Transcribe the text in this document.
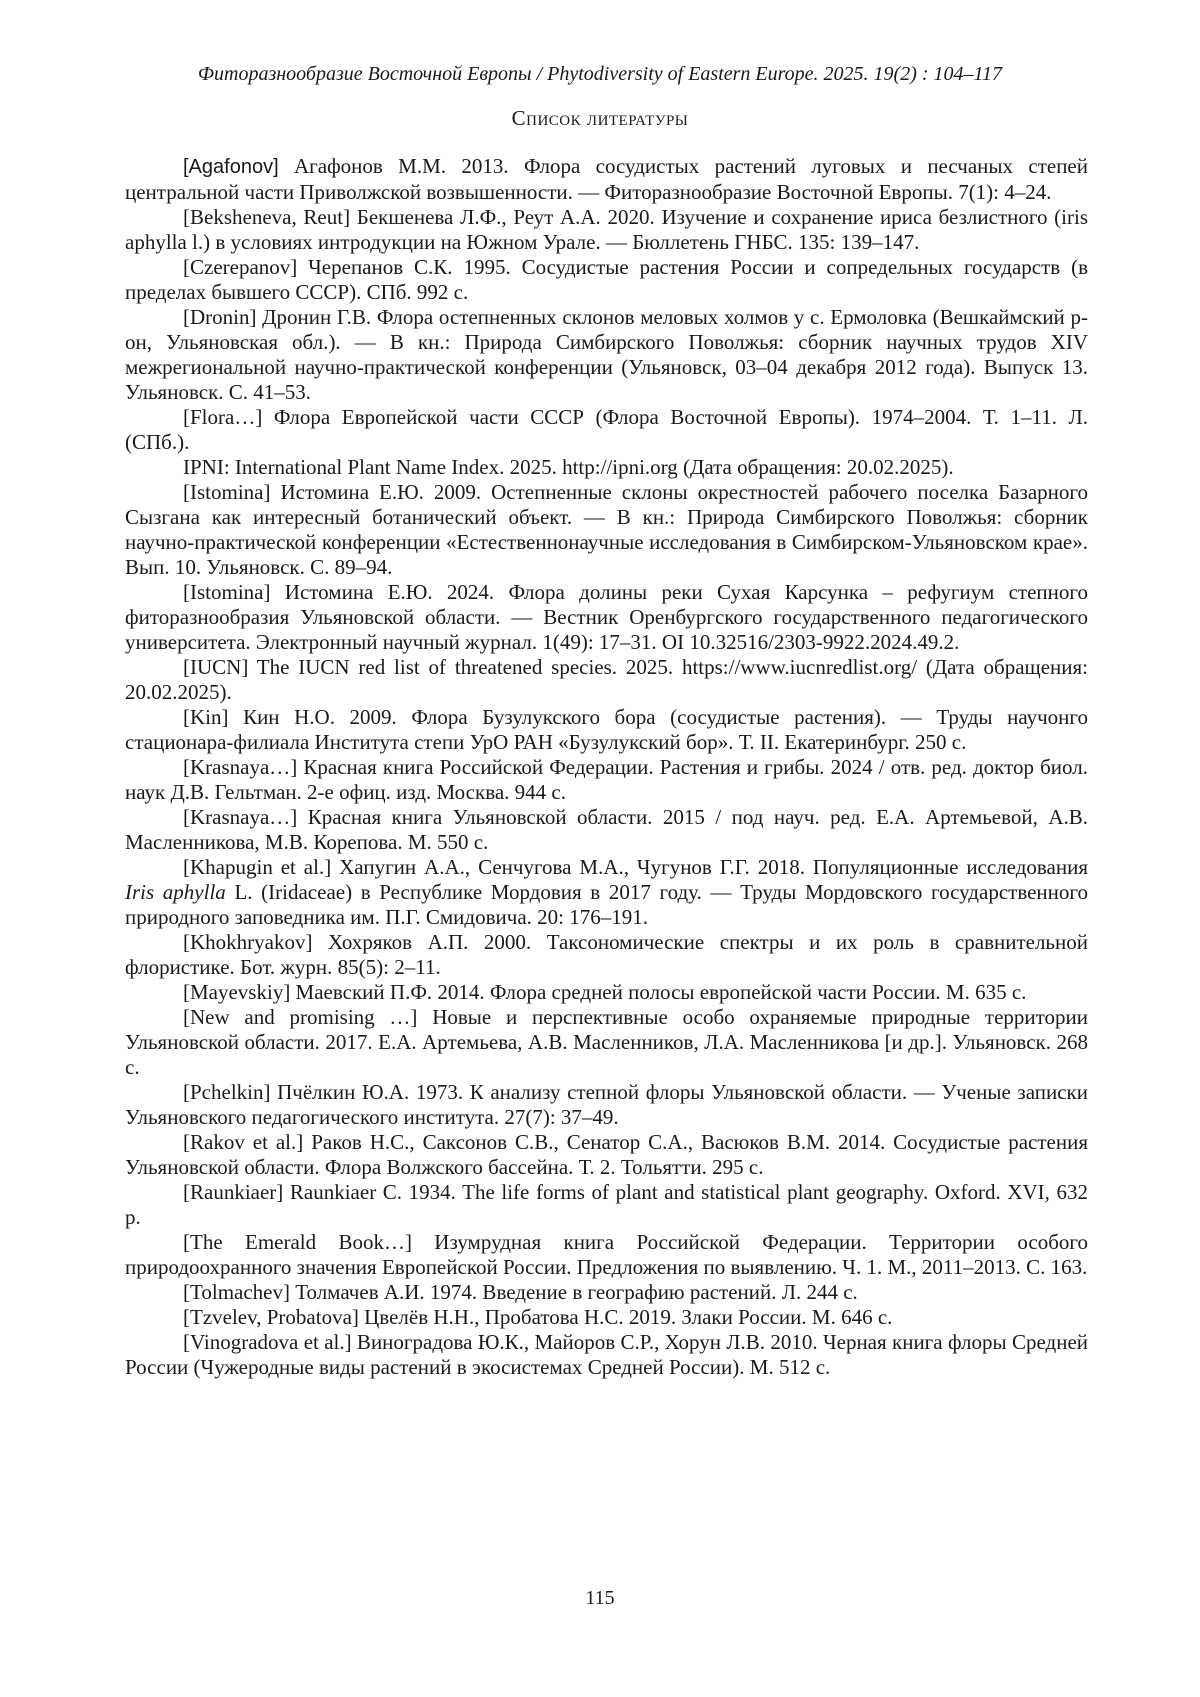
Фиторазнообразие Восточной Европы / Phytodiversity of Eastern Europe. 2025. 19(2) : 104–117
Список литературы

[Agafonov] Агафонов М.М. 2013. Флора сосудистых растений луговых и песчаных степей центральной части Приволжской возвышенности. — Фиторазнообразие Восточной Европы. 7(1): 4–24.

[Beksheneva, Reut] Бекшенева Л.Ф., Реут А.А. 2020. Изучение и сохранение ириса безлистного (iris aphylla l.) в условиях интродукции на Южном Урале. — Бюллетень ГНБС. 135: 139–147.

[Czerepanov] Черепанов С.К. 1995. Сосудистые растения России и сопредельных государств (в пределах бывшего СССР). СПб. 992 с.

[Dronin] Дронин Г.В. Флора остепненных склонов меловых холмов у с. Ермоловка (Вешкаймский р-он, Ульяновская обл.). — В кн.: Природа Симбирского Поволжья: сборник научных трудов XIV межрегиональной научно-практической конференции (Ульяновск, 03–04 декабря 2012 года). Выпуск 13. Ульяновск. С. 41–53.

[Flora…] Флора Европейской части СССР (Флора Восточной Европы). 1974–2004. Т. 1–11. Л. (СПб.).

IPNI: International Plant Name Index. 2025. http://ipni.org (Дата обращения: 20.02.2025).

[Istomina] Истомина Е.Ю. 2009. Остепненные склоны окрестностей рабочего поселка Базарного Сызгана как интересный ботанический объект. — В кн.: Природа Симбирского Поволжья: сборник научно-практической конференции «Естественнонаучные исследования в Симбирском-Ульяновском крае». Вып. 10. Ульяновск. С. 89–94.

[Istomina] Истомина Е.Ю. 2024. Флора долины реки Сухая Карсунка – рефугиум степного фиторазнообразия Ульяновской области. — Вестник Оренбургского государственного педагогического университета. Электронный научный журнал. 1(49): 17–31. OI 10.32516/2303-9922.2024.49.2.

[IUCN] The IUCN red list of threatened species. 2025. https://www.iucnredlist.org/ (Дата обращения: 20.02.2025).

[Kin] Кин Н.О. 2009. Флора Бузулукского бора (сосудистые растения). — Труды научонго стационара-филиала Института степи УрО РАН «Бузулукский бор». Т. II. Екатеринбург. 250 с.

[Krasnaya…] Красная книга Российской Федерации. Растения и грибы. 2024 / отв. ред. доктор биол. наук Д.В. Гельтман. 2-е офиц. изд. Москва. 944 с.

[Krasnaya…] Красная книга Ульяновской области. 2015 / под науч. ред. Е.А. Артемьевой, А.В. Масленникова, М.В. Корепова. М. 550 с.

[Khapugin et al.] Хапугин А.А., Сенчугова М.А., Чугунов Г.Г. 2018. Популяционные исследования Iris aphylla L. (Iridaceae) в Республике Мордовия в 2017 году. — Труды Мордовского государственного природного заповедника им. П.Г. Смидовича. 20: 176–191.

[Khokhryakov] Хохряков А.П. 2000. Таксономические спектры и их роль в сравнительной флористике. Бот. журн. 85(5): 2–11.

[Mayevskiy] Маевский П.Ф. 2014. Флора средней полосы европейской части России. М. 635 с.

[New and promising …] Новые и перспективные особо охраняемые природные территории Ульяновской области. 2017. Е.А. Артемьева, А.В. Масленников, Л.А. Масленникова [и др.]. Ульяновск. 268 с.

[Pchelkin] Пчёлкин Ю.А. 1973. К анализу степной флоры Ульяновской области. — Ученые записки Ульяновского педагогического института. 27(7): 37–49.

[Rakov et al.] Раков Н.С., Саксонов С.В., Сенатор С.А., Васюков В.М. 2014. Сосудистые растения Ульяновской области. Флора Волжского бассейна. Т. 2. Тольятти. 295 с.

[Raunkiaer] Raunkiaer C. 1934. The life forms of plant and statistical plant geography. Oxford. XVI, 632 p.

[The Emerald Book…] Изумрудная книга Российской Федерации. Территории особого природоохранного значения Европейской России. Предложения по выявлению. Ч. 1. М., 2011–2013. С. 163.

[Tolmachev] Толмачев А.И. 1974. Введение в географию растений. Л. 244 с.

[Tzvelev, Probatova] Цвелёв Н.Н., Пробатова Н.С. 2019. Злаки России. М. 646 с.

[Vinogradova et al.] Виноградова Ю.К., Майоров С.Р., Хорун Л.В. 2010. Черная книга флоры Средней России (Чужеродные виды растений в экосистемах Средней России). М. 512 с.

115
